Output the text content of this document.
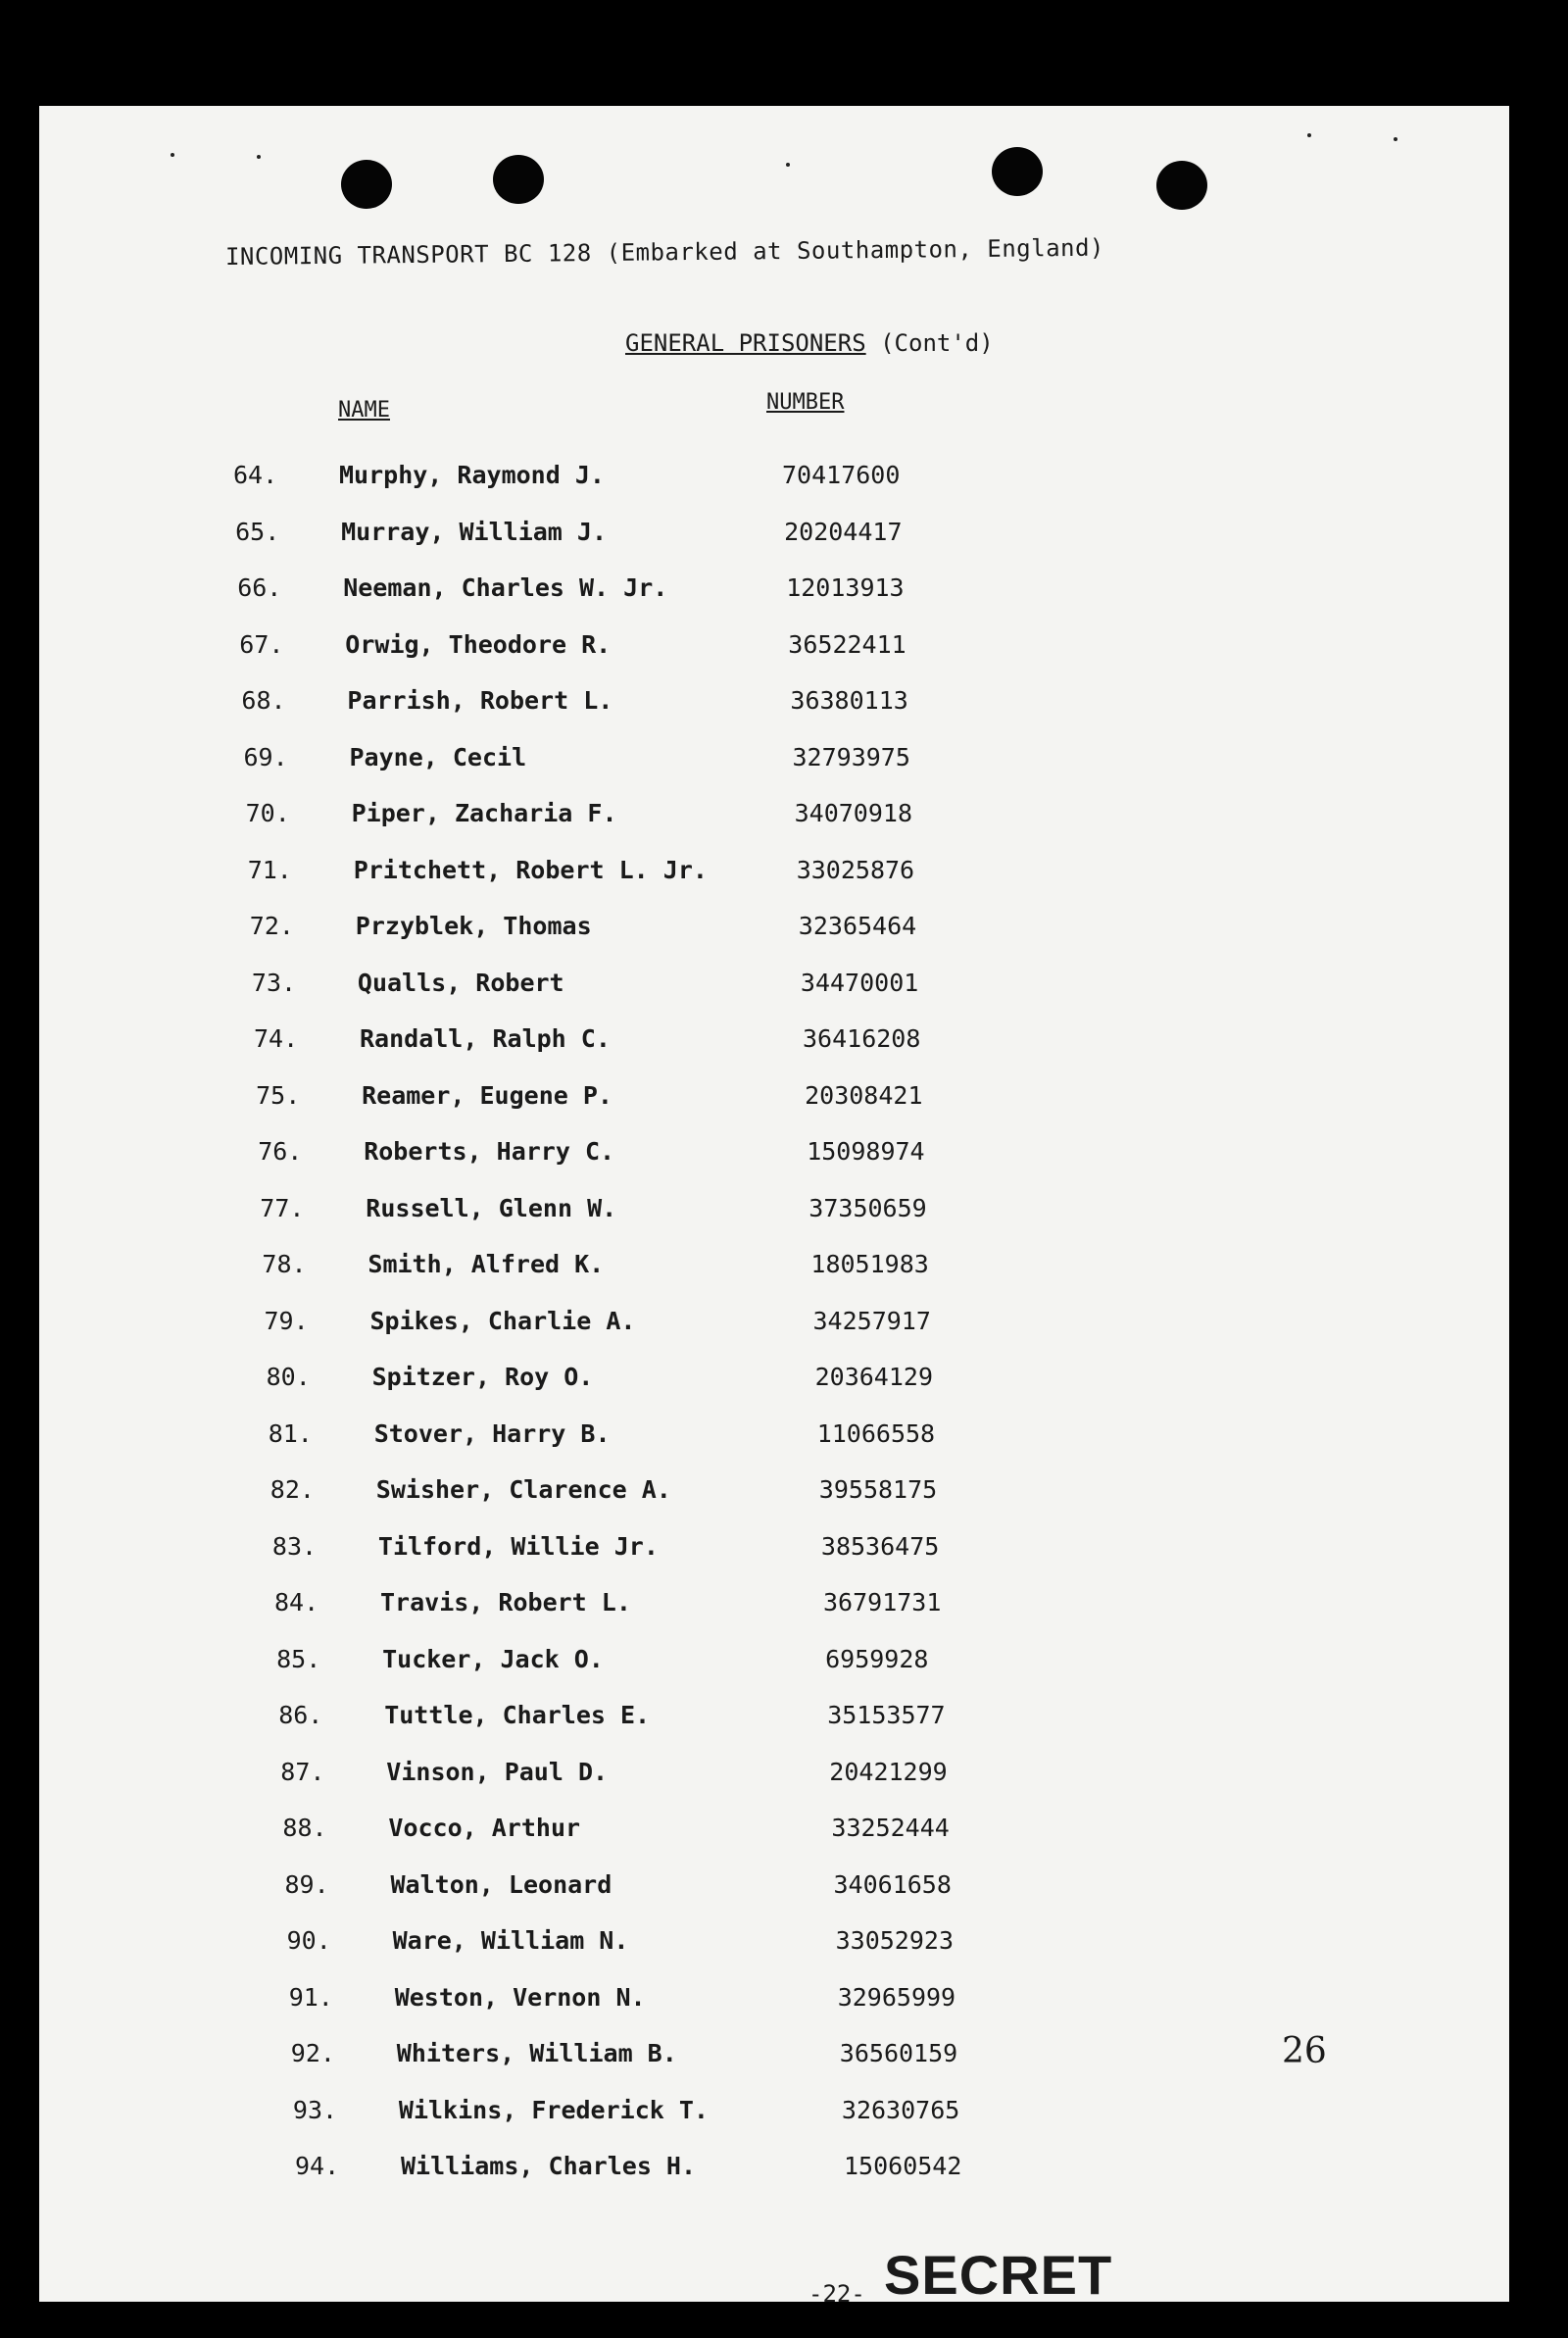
INCOMING TRANSPORT BC 128 (Embarked at Southampton, England)
GENERAL PRISONERS (Cont'd)
NAME	NUMBER
64.	Murphy, Raymond J.	70417600
65.	Murray, William J.	20204417
66.	Neeman, Charles W. Jr.	12013913
67.	Orwig, Theodore R.	36522411
68.	Parrish, Robert L.	36380113
69.	Payne, Cecil	32793975
70.	Piper, Zacharia F.	34070918
71.	Pritchett, Robert L. Jr.	33025876
72.	Przyblek, Thomas	32365464
73.	Qualls, Robert	34470001
74.	Randall, Ralph C.	36416208
75.	Reamer, Eugene P.	20308421
76.	Roberts, Harry C.	15098974
77.	Russell, Glenn W.	37350659
78.	Smith, Alfred K.	18051983
79.	Spikes, Charlie A.	34257917
80.	Spitzer, Roy O.	20364129
81.	Stover, Harry B.	11066558
82.	Swisher, Clarence A.	39558175
83.	Tilford, Willie Jr.	38536475
84.	Travis, Robert L.	36791731
85.	Tucker, Jack O.	6959928
86.	Tuttle, Charles E.	35153577
87.	Vinson, Paul D.	20421299
88.	Vocco, Arthur	33252444
89.	Walton, Leonard	34061658
90.	Ware, William N.	33052923
91.	Weston, Vernon N.	32965999
92.	Whiters, William B.	36560159
93.	Wilkins, Frederick T.	32630765
94.	Williams, Charles H.	15060542
26
-22- SECRET
